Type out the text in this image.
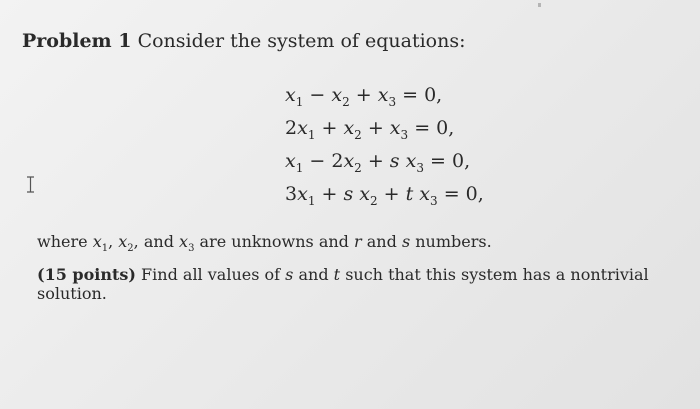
Problem 1 Consider the system of equations:
$x_1 - x_2 + x_3 = 0$,
$2x_1 + x_2 + x_3 = 0$,
$x_1 - 2x_2 + s$ $x_3 = 0$,
$3x_1 + s$ $x_2 + t$ $x_3 = 0$,
where $x_1$, $x_2$, and $x_3$ are unknowns and r and s numbers.
(15 points) Find all values of s and t such that this system has a nontrivial solution.
